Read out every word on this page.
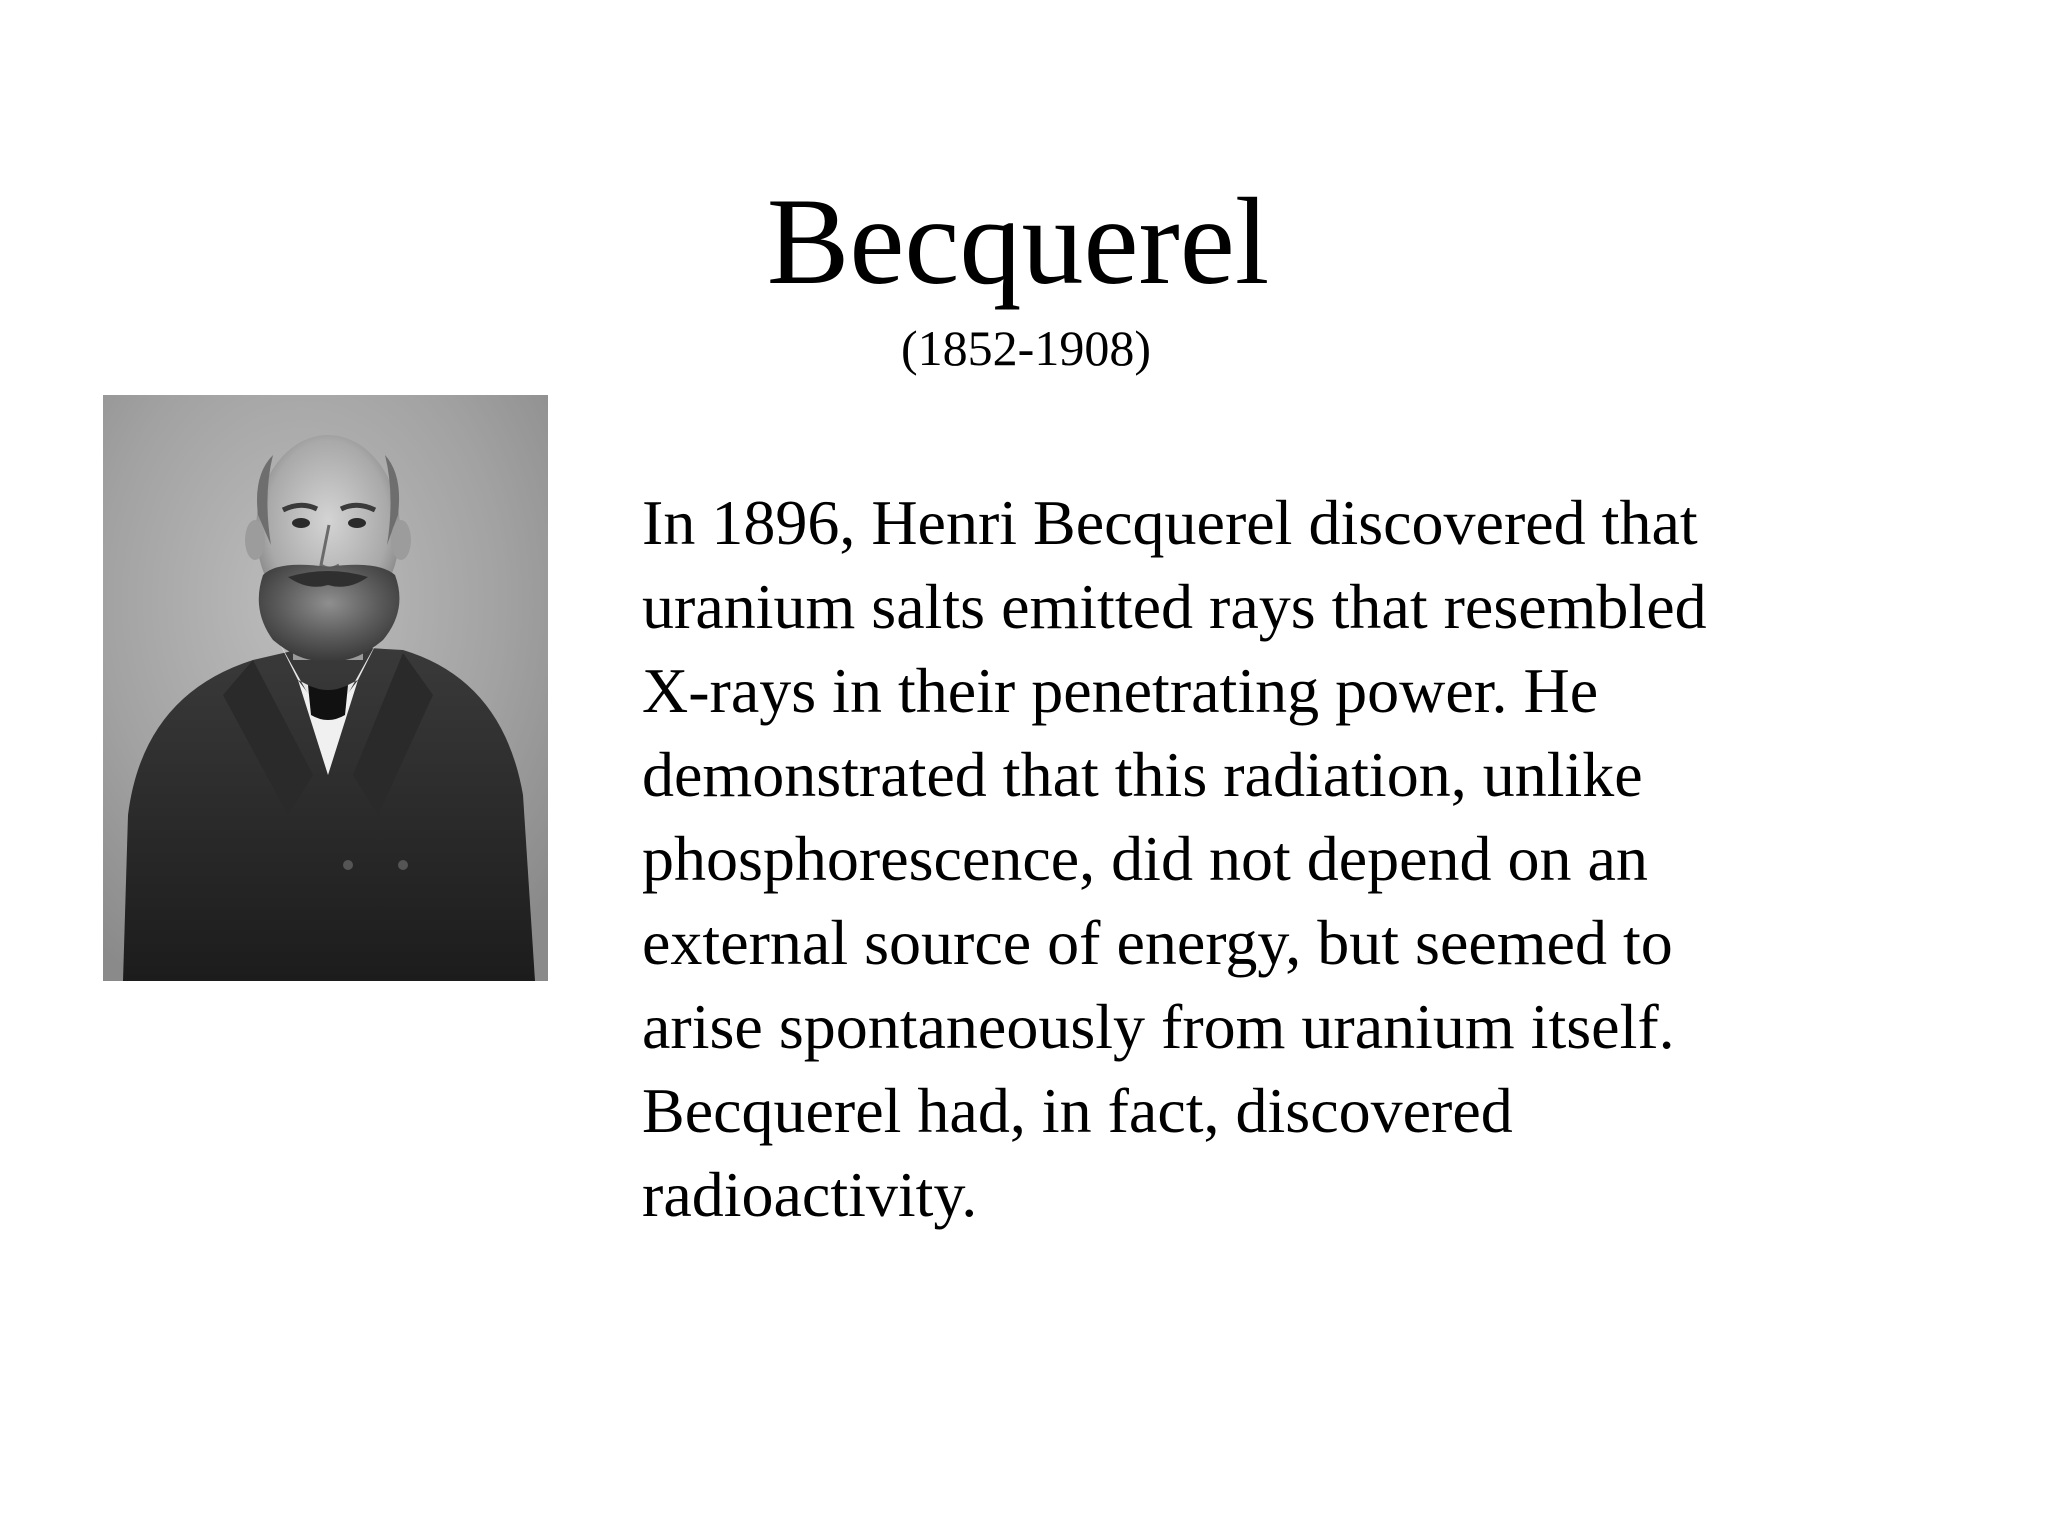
Becquerel
(1852-1908)
In 1896, Henri Becquerel discovered that
uranium salts emitted rays that resembled
X-rays in their penetrating power. He
demonstrated that this radiation, unlike
phosphorescence, did not depend on an
external source of energy, but seemed to
arise spontaneously from uranium itself.
Becquerel had, in fact, discovered
radioactivity.
